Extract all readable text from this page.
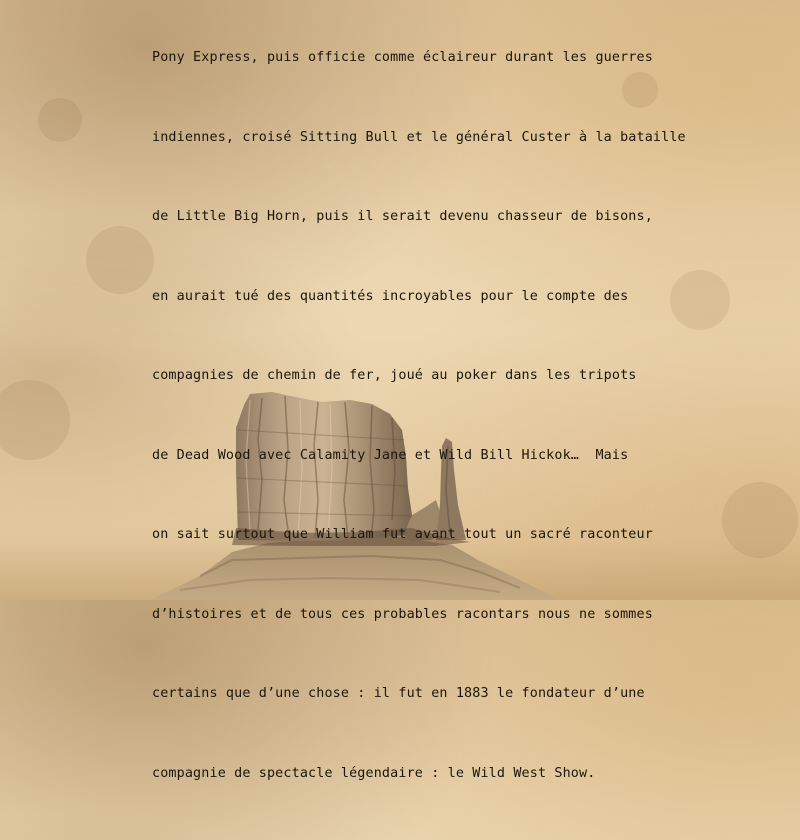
Pony Express, puis officie comme éclaireur durant les guerres

indiennes, croisé Sitting Bull et le général Custer à la bataille

de Little Big Horn, puis il serait devenu chasseur de bisons,

en aurait tué des quantités incroyables pour le compte des

compagnies de chemin de fer, joué au poker dans les tripots

de Dead Wood avec Calamity Jane et Wild Bill Hickok…  Mais

on sait surtout que William fut avant tout un sacré raconteur

d’histoires et de tous ces probables racontars nous ne sommes

certains que d’une chose : il fut en 1883 le fondateur d’une

compagnie de spectacle légendaire : le Wild West Show.
